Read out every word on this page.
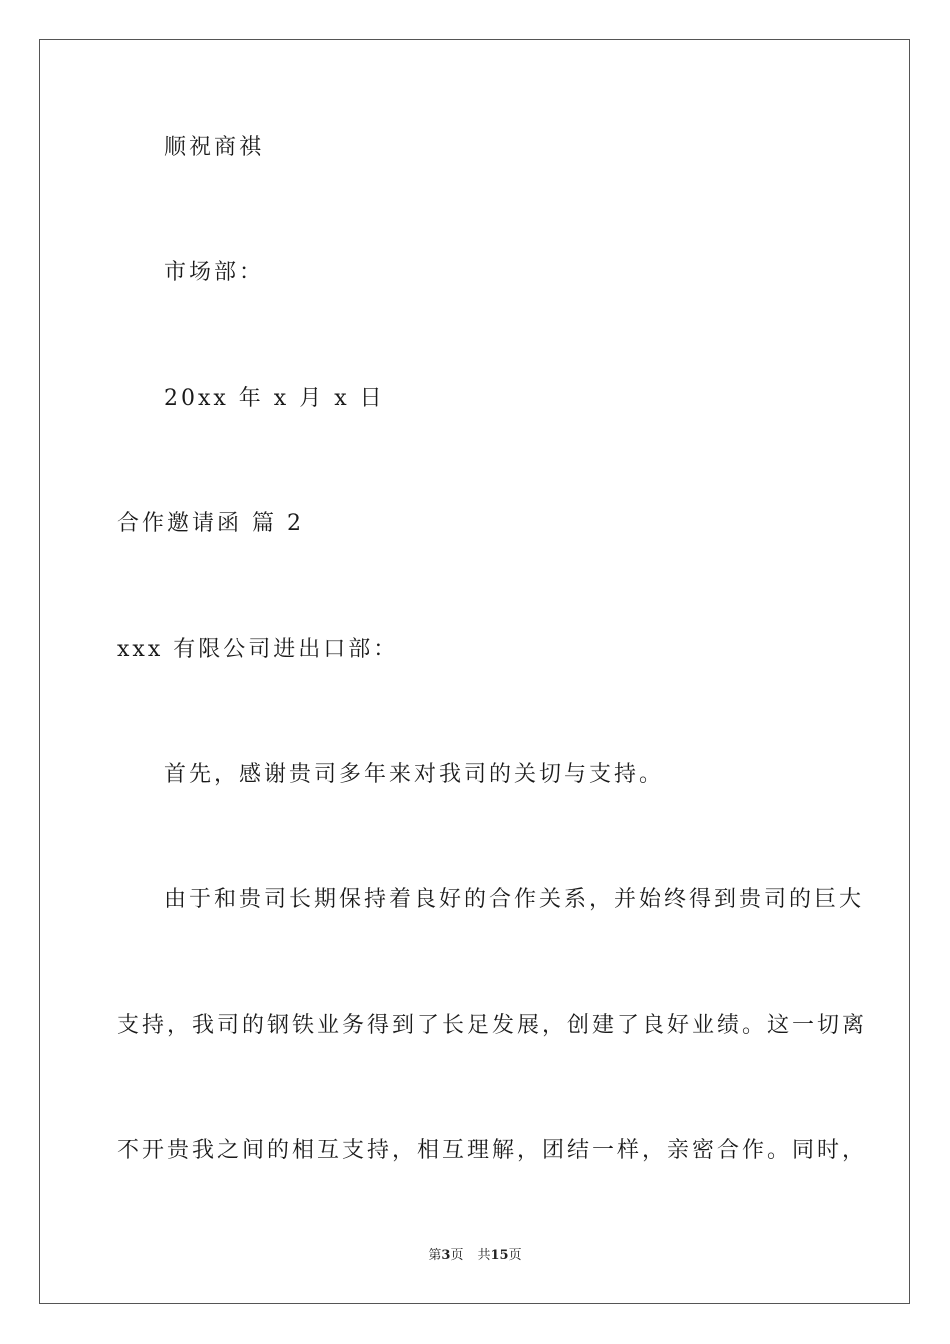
顺祝商祺

市场部：

20xx 年 x 月 x 日

合作邀请函 篇 2

xxx 有限公司进出口部：

首先，感谢贵司多年来对我司的关切与支持。

由于和贵司长期保持着良好的合作关系，并始终得到贵司的巨大

支持，我司的钢铁业务得到了长足发展，创建了良好业绩。这一切离

不开贵我之间的相互支持，相互理解，团结一样，亲密合作。同时，

第3页 共15页
